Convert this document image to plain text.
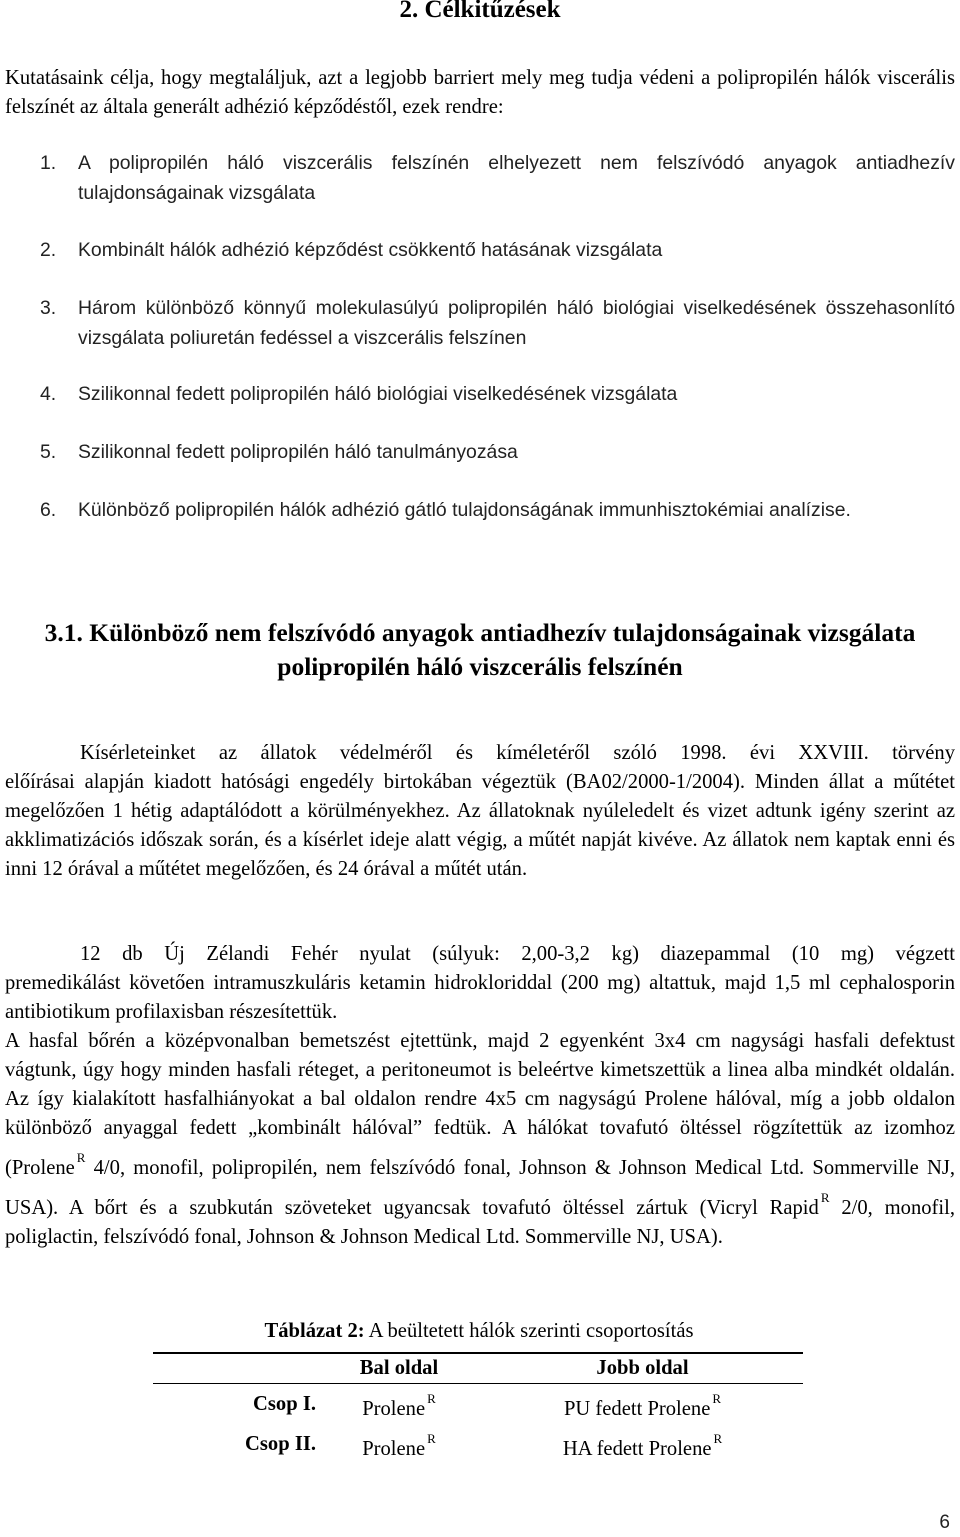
2. Célkitűzések
Kutatásaink célja, hogy megtaláljuk, azt a legjobb barriert mely meg tudja védeni a polipropilén hálók viscerális felszínét az általa generált adhézió képződéstől, ezek rendre:
1. A polipropilén háló viszcerális felszínén elhelyezett nem felszívódó anyagok antiadhezív tulajdonságainak vizsgálata
2. Kombinált hálók adhézió képződést csökkentő hatásának vizsgálata
3. Három különböző könnyű molekulasúlyú polipropilén háló biológiai viselkedésének összehasonlító vizsgálata poliuretán fedéssel a viszcerális felszínen
4. Szilikonnal fedett polipropilén háló biológiai viselkedésének vizsgálata
5. Szilikonnal fedett polipropilén háló tanulmányozása
6. Különböző polipropilén hálók adhézió gátló tulajdonságának immunhisztokémiai analízise.
3.1. Különböző nem felszívódó anyagok antiadhezív tulajdonságainak vizsgálata polipropilén háló viszcerális felszínén
Kísérleteinket az állatok védelméről és kíméletéről szóló 1998. évi XXVIII. törvény
előírásai alapján kiadott hatósági engedély birtokában végeztük (BA02/2000-1/2004). Minden állat a műtétet megelőzően 1 hétig adaptálódott a körülményekhez. Az állatoknak nyúleledelt és vizet adtunk igény szerint az akklimatizációs időszak során, és a kísérlet ideje alatt végig, a műtét napját kivéve. Az állatok nem kaptak enni és inni 12 órával a műtétet megelőzően, és 24 órával a műtét után.
12 db Új Zélandi Fehér nyulat (súlyuk: 2,00-3,2 kg) diazepammal (10 mg) végzett
premedikálást követően intramuszkuláris ketamin hidrokloriddal (200 mg) altattuk, majd 1,5 ml cephalosporin antibiotikum profilaxisban részesítettük.
A hasfal bőrén a középvonalban bemetszést ejtettünk, majd 2 egyenként 3x4 cm nagysági hasfali defektust vágtunk, úgy hogy minden hasfali réteget, a peritoneumot is beleértve kimetszettük a linea alba mindkét oldalán. Az így kialakított hasfalhiányokat a bal oldalon rendre 4x5 cm nagyságú Prolene hálóval, míg a jobb oldalon különböző anyaggal fedett „kombinált hálóval” fedtük. A hálókat tovafutó öltéssel rögzítettük az izomhoz (Prolene $^R$ 4/0, monofil, polipropilén, nem felszívódó fonal, Johnson & Johnson Medical Ltd. Sommerville NJ, USA). A bőrt és a szubkután szöveteket ugyancsak tovafutó öltéssel zártuk (Vicryl Rapid $^R$ 2/0, monofil, poliglactin, felszívódó fonal, Johnson & Johnson Medical Ltd. Sommerville NJ, USA).
Táblázat 2: A beültetett hálók szerinti csoportosítás
	Bal oldal	Jobb oldal
Csop I.	Prolene $^R$	PU fedett Prolene $^R$
Csop II.	Prolene $^R$	HA fedett Prolene $^R$
6
